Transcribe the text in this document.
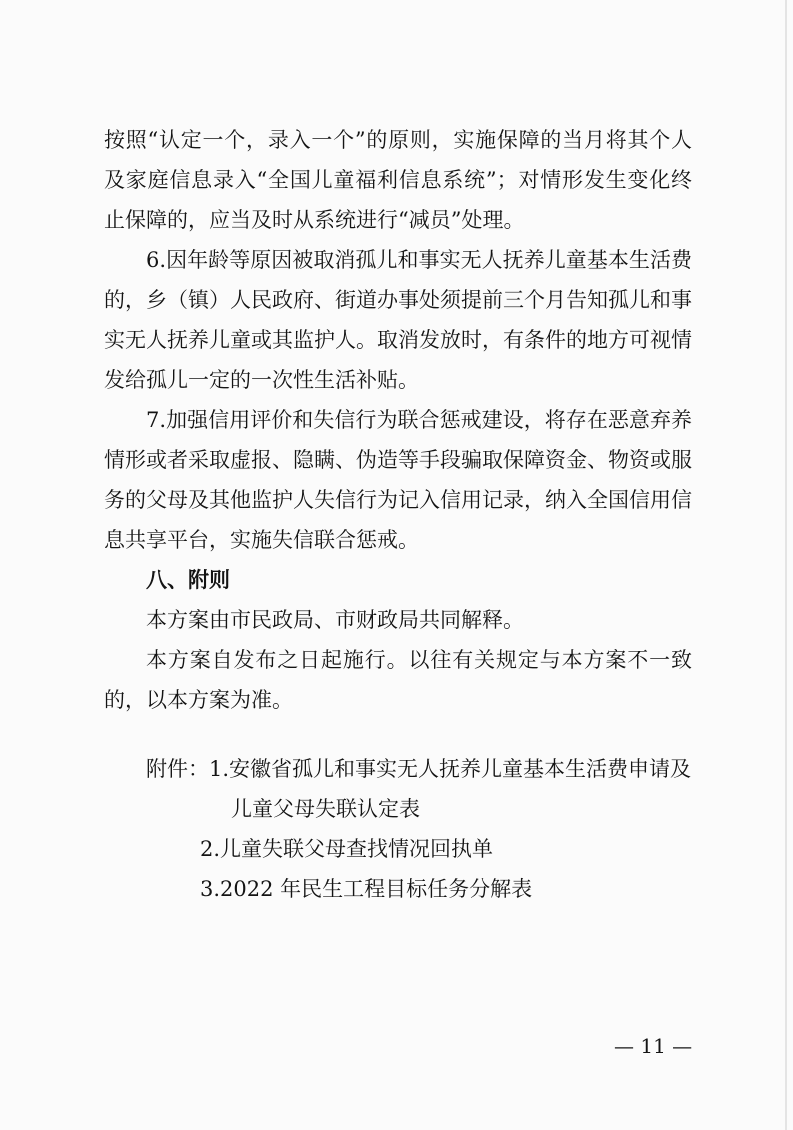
按照“认定一个，录入一个”的原则，实施保障的当月将其个人及家庭信息录入“全国儿童福利信息系统”；对情形发生变化终止保障的，应当及时从系统进行“减员”处理。

6.因年龄等原因被取消孤儿和事实无人抚养儿童基本生活费的，乡（镇）人民政府、街道办事处须提前三个月告知孤儿和事实无人抚养儿童或其监护人。取消发放时，有条件的地方可视情发给孤儿一定的一次性生活补贴。

7.加强信用评价和失信行为联合惩戒建设，将存在恶意弃养情形或者采取虚报、隐瞒、伪造等手段骗取保障资金、物资或服务的父母及其他监护人失信行为记入信用记录，纳入全国信用信息共享平台，实施失信联合惩戒。

八、附则

本方案由市民政局、市财政局共同解释。

本方案自发布之日起施行。以往有关规定与本方案不一致的，以本方案为准。

附件：1.安徽省孤儿和事实无人抚养儿童基本生活费申请及
儿童父母失联认定表
2.儿童失联父母查找情况回执单
3.2022 年民生工程目标任务分解表
— 11 —
